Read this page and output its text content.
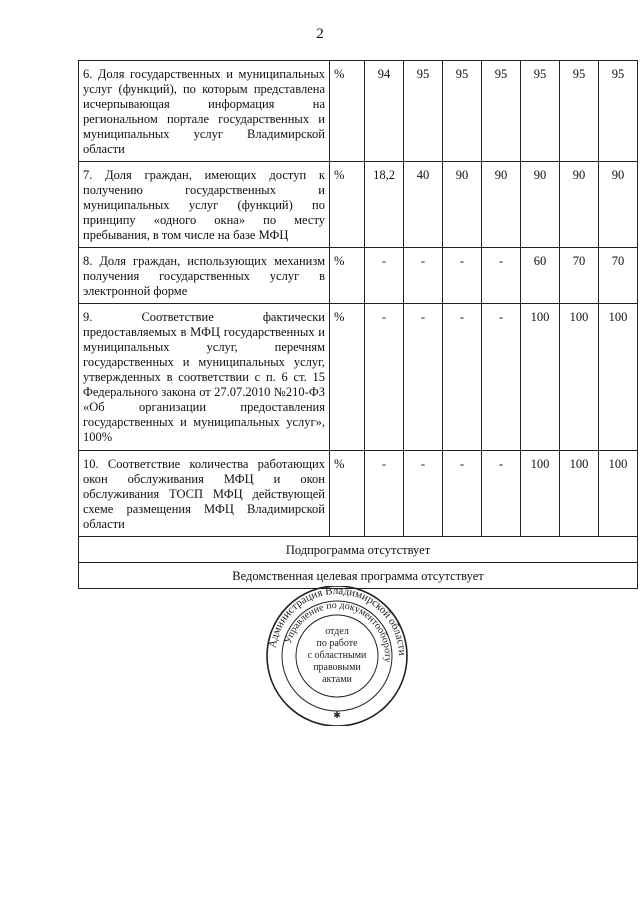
2
6. Доля государственных и муниципальных услуг (функций), по которым представлена исчерпывающая информация на региональном портале государственных и муниципальных услуг Владимирской области	%	94	95	95	95	95	95	95
7. Доля граждан, имеющих доступ к получению государственных и муниципальных услуг (функций) по принципу «одного окна» по месту пребывания, в том числе на базе МФЦ	%	18,2	40	90	90	90	90	90
8. Доля граждан, использующих механизм получения государственных услуг в электронной форме	%	-	-	-	-	60	70	70
9. Соответствие фактически предоставляемых в МФЦ государственных и муниципальных услуг, перечням государственных и муниципальных услуг, утвержденных в соответствии с п. 6 ст. 15 Федерального закона от 27.07.2010 №210-ФЗ «Об организации предоставления государственных и муниципальных услуг», 100%	%	-	-	-	-	100	100	100
10. Соответствие количества работающих окон обслуживания МФЦ и окон обслуживания ТОСП МФЦ действующей схеме размещения МФЦ Владимирской области	%	-	-	-	-	100	100	100
Подпрограмма отсутствует								
Ведомственная целевая программа отсутствует								
Администрация Владимирской области
Управление по документообороту
отдел
по работе
с областными
правовыми
актами
✱
